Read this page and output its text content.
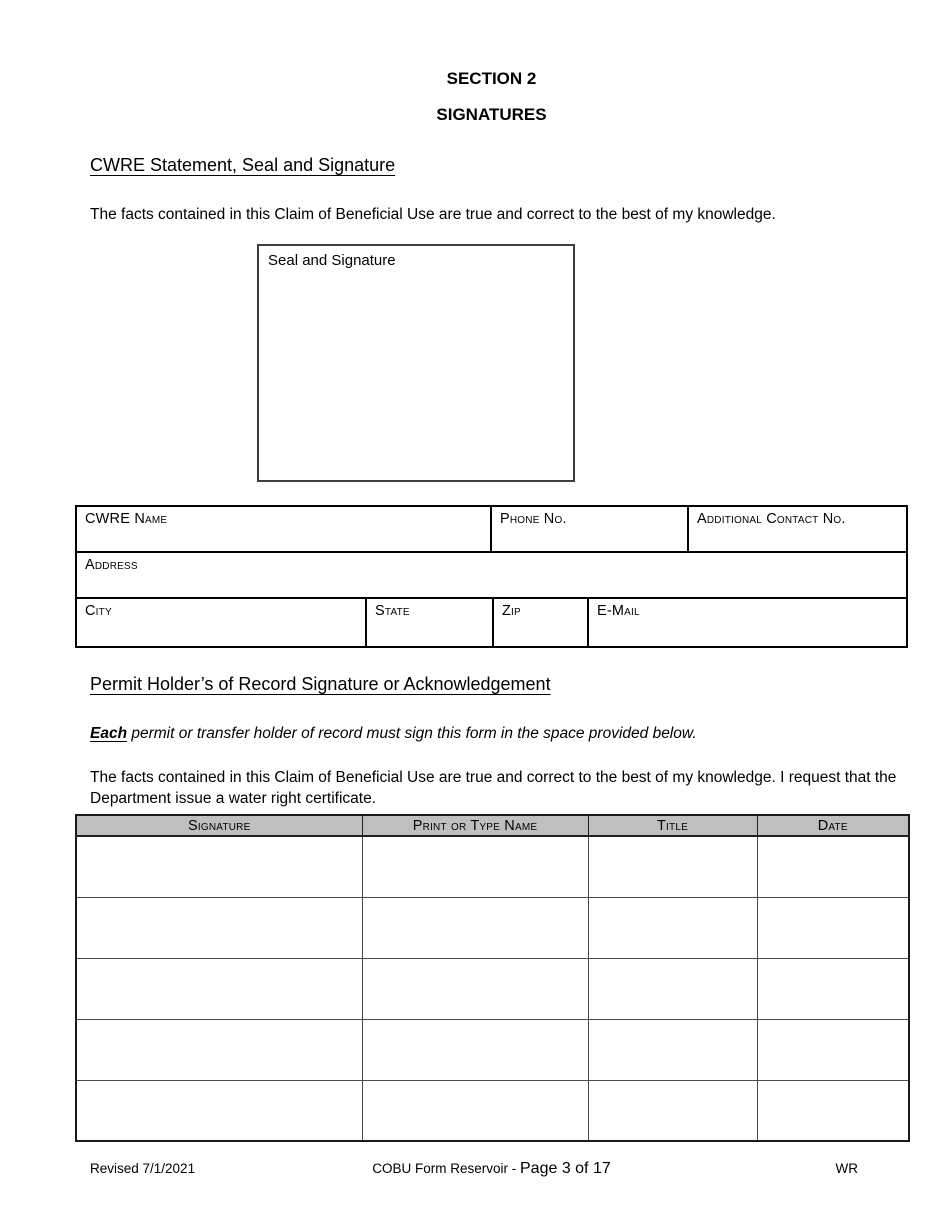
SECTION 2
SIGNATURES
CWRE Statement, Seal and Signature

The facts contained in this Claim of Beneficial Use are true and correct to the best of my knowledge.

Seal and Signature
CWRE Name	Phone No.	Additional Contact No.
Address
City	State	Zip	E-Mail
Permit Holder’s of Record Signature or Acknowledgement

Each permit or transfer holder of record must sign this form in the space provided below.

The facts contained in this Claim of Beneficial Use are true and correct to the best of my knowledge. I request that the Department issue a water right certificate.

Signature	Print or Type Name	Title	Date

Revised 7/1/2021	COBU Form Reservoir - Page 3 of 17	WR
